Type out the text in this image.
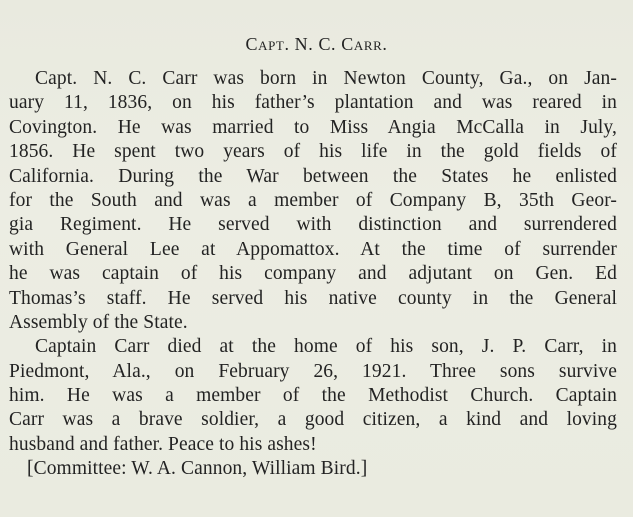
Capt. N. C. Carr.
Capt. N. C. Carr was born in Newton County, Ga., on Jan-
uary 11, 1836, on his father’s plantation and was reared in
Covington. He was married to Miss Angia McCalla in July,
1856. He spent two years of his life in the gold fields of
California. During the War between the States he enlisted
for the South and was a member of Company B, 35th Geor-
gia Regiment. He served with distinction and surrendered
with General Lee at Appomattox. At the time of surrender
he was captain of his company and adjutant on Gen. Ed
Thomas’s staff. He served his native county in the General
Assembly of the State.
Captain Carr died at the home of his son, J. P. Carr, in
Piedmont, Ala., on February 26, 1921. Three sons survive
him. He was a member of the Methodist Church. Captain
Carr was a brave soldier, a good citizen, a kind and loving
husband and father. Peace to his ashes!
[Committee: W. A. Cannon, William Bird.]
